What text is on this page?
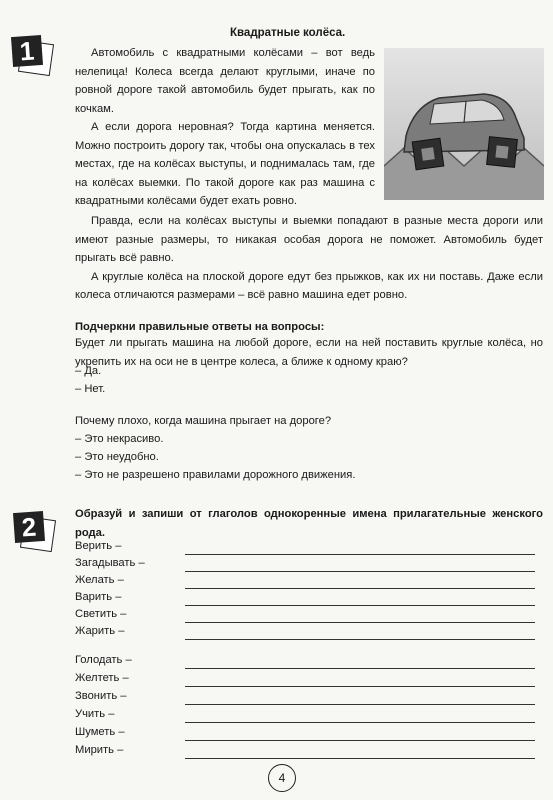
1
Квадратные колёса.

Автомобиль с квадратными колёсами – вот ведь нелепица! Колеса всегда делают круглыми, иначе по ровной дороге такой автомобиль будет прыгать, как по кочкам.

А если дорога неровная? Тогда картина меняется. Можно построить дорогу так, чтобы она опускалась в тех местах, где на колёсах выступы, и поднималась там, где на колёсах выемки. По такой дороге как раз машина с квадратными колёсами будет ехать ровно.

Правда, если на колёсах выступы и выемки попадают в разные места дороги или имеют разные размеры, то никакая особая дорога не поможет. Автомобиль будет прыгать всё равно.

А круглые колёса на плоской дороге едут без прыжков, как их ни поставь. Даже если колеса отличаются размерами – всё равно машина едет ровно.

Подчеркни правильные ответы на вопросы:
Будет ли прыгать машина на любой дороге, если на ней поставить круглые колёса, но укрепить их на оси не в центре колеса, а ближе к одному краю?
– Да.
– Нет.
Почему плохо, когда машина прыгает на дороге?
– Это некрасиво.
– Это неудобно.
– Это не разрешено правилами дорожного движения.
2	Образуй и запиши от глаголов однокоренные имена прилагательные женского рода.
Верить –
Загадывать –
Желать –
Варить –
Светить –
Жарить –
Голодать –
Желтеть –
Звонить –
Учить –
Шуметь –
Мирить –
4
